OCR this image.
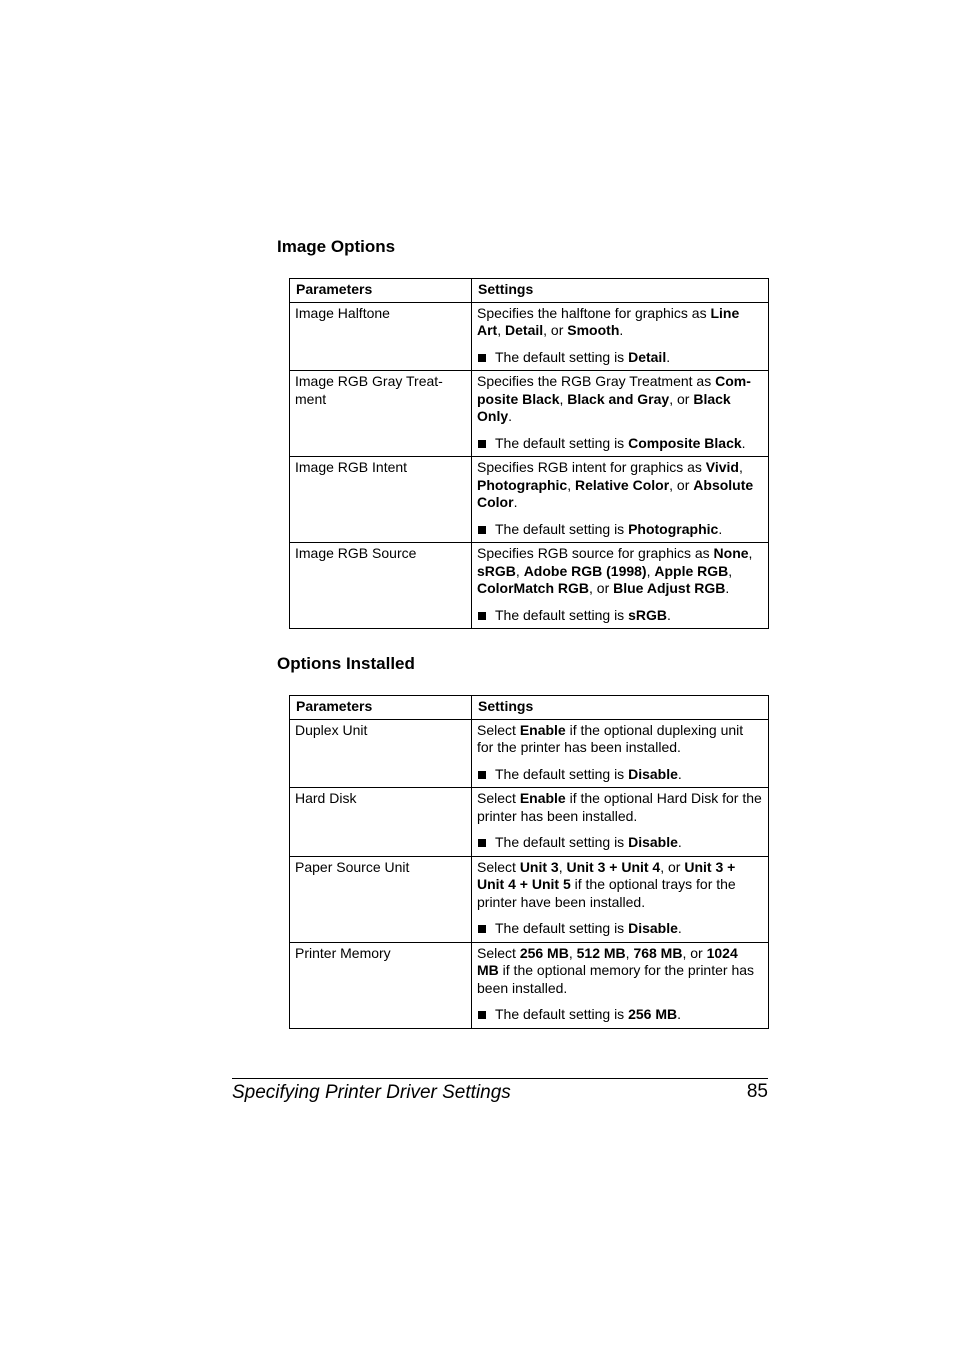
Image Options
Parameters	Settings
Image Halftone	Specifies the halftone for graphics as Line Art, Detail, or Smooth.

The default setting is Detail.

Image RGB Gray Treat-ment	Specifies the RGB Gray Treatment as Com-posite Black, Black and Gray, or Black Only.

The default setting is Composite Black.

Image RGB Intent	Specifies RGB intent for graphics as Vivid, Photographic, Relative Color, or Absolute Color.

The default setting is Photographic.

Image RGB Source	Specifies RGB source for graphics as None, sRGB, Adobe RGB (1998), Apple RGB, ColorMatch RGB, or Blue Adjust RGB.

The default setting is sRGB.
Options Installed
Parameters	Settings
Duplex Unit	Select Enable if the optional duplexing unit for the printer has been installed.

The default setting is Disable.

Hard Disk	Select Enable if the optional Hard Disk for the printer has been installed.

The default setting is Disable.

Paper Source Unit	Select Unit 3, Unit 3 + Unit 4, or Unit 3 + Unit 4 + Unit 5 if the optional trays for the printer have been installed.

The default setting is Disable.

Printer Memory	Select 256 MB, 512 MB, 768 MB, or 1024 MB if the optional memory for the printer has been installed.

The default setting is 256 MB.
Specifying Printer Driver Settings	85
